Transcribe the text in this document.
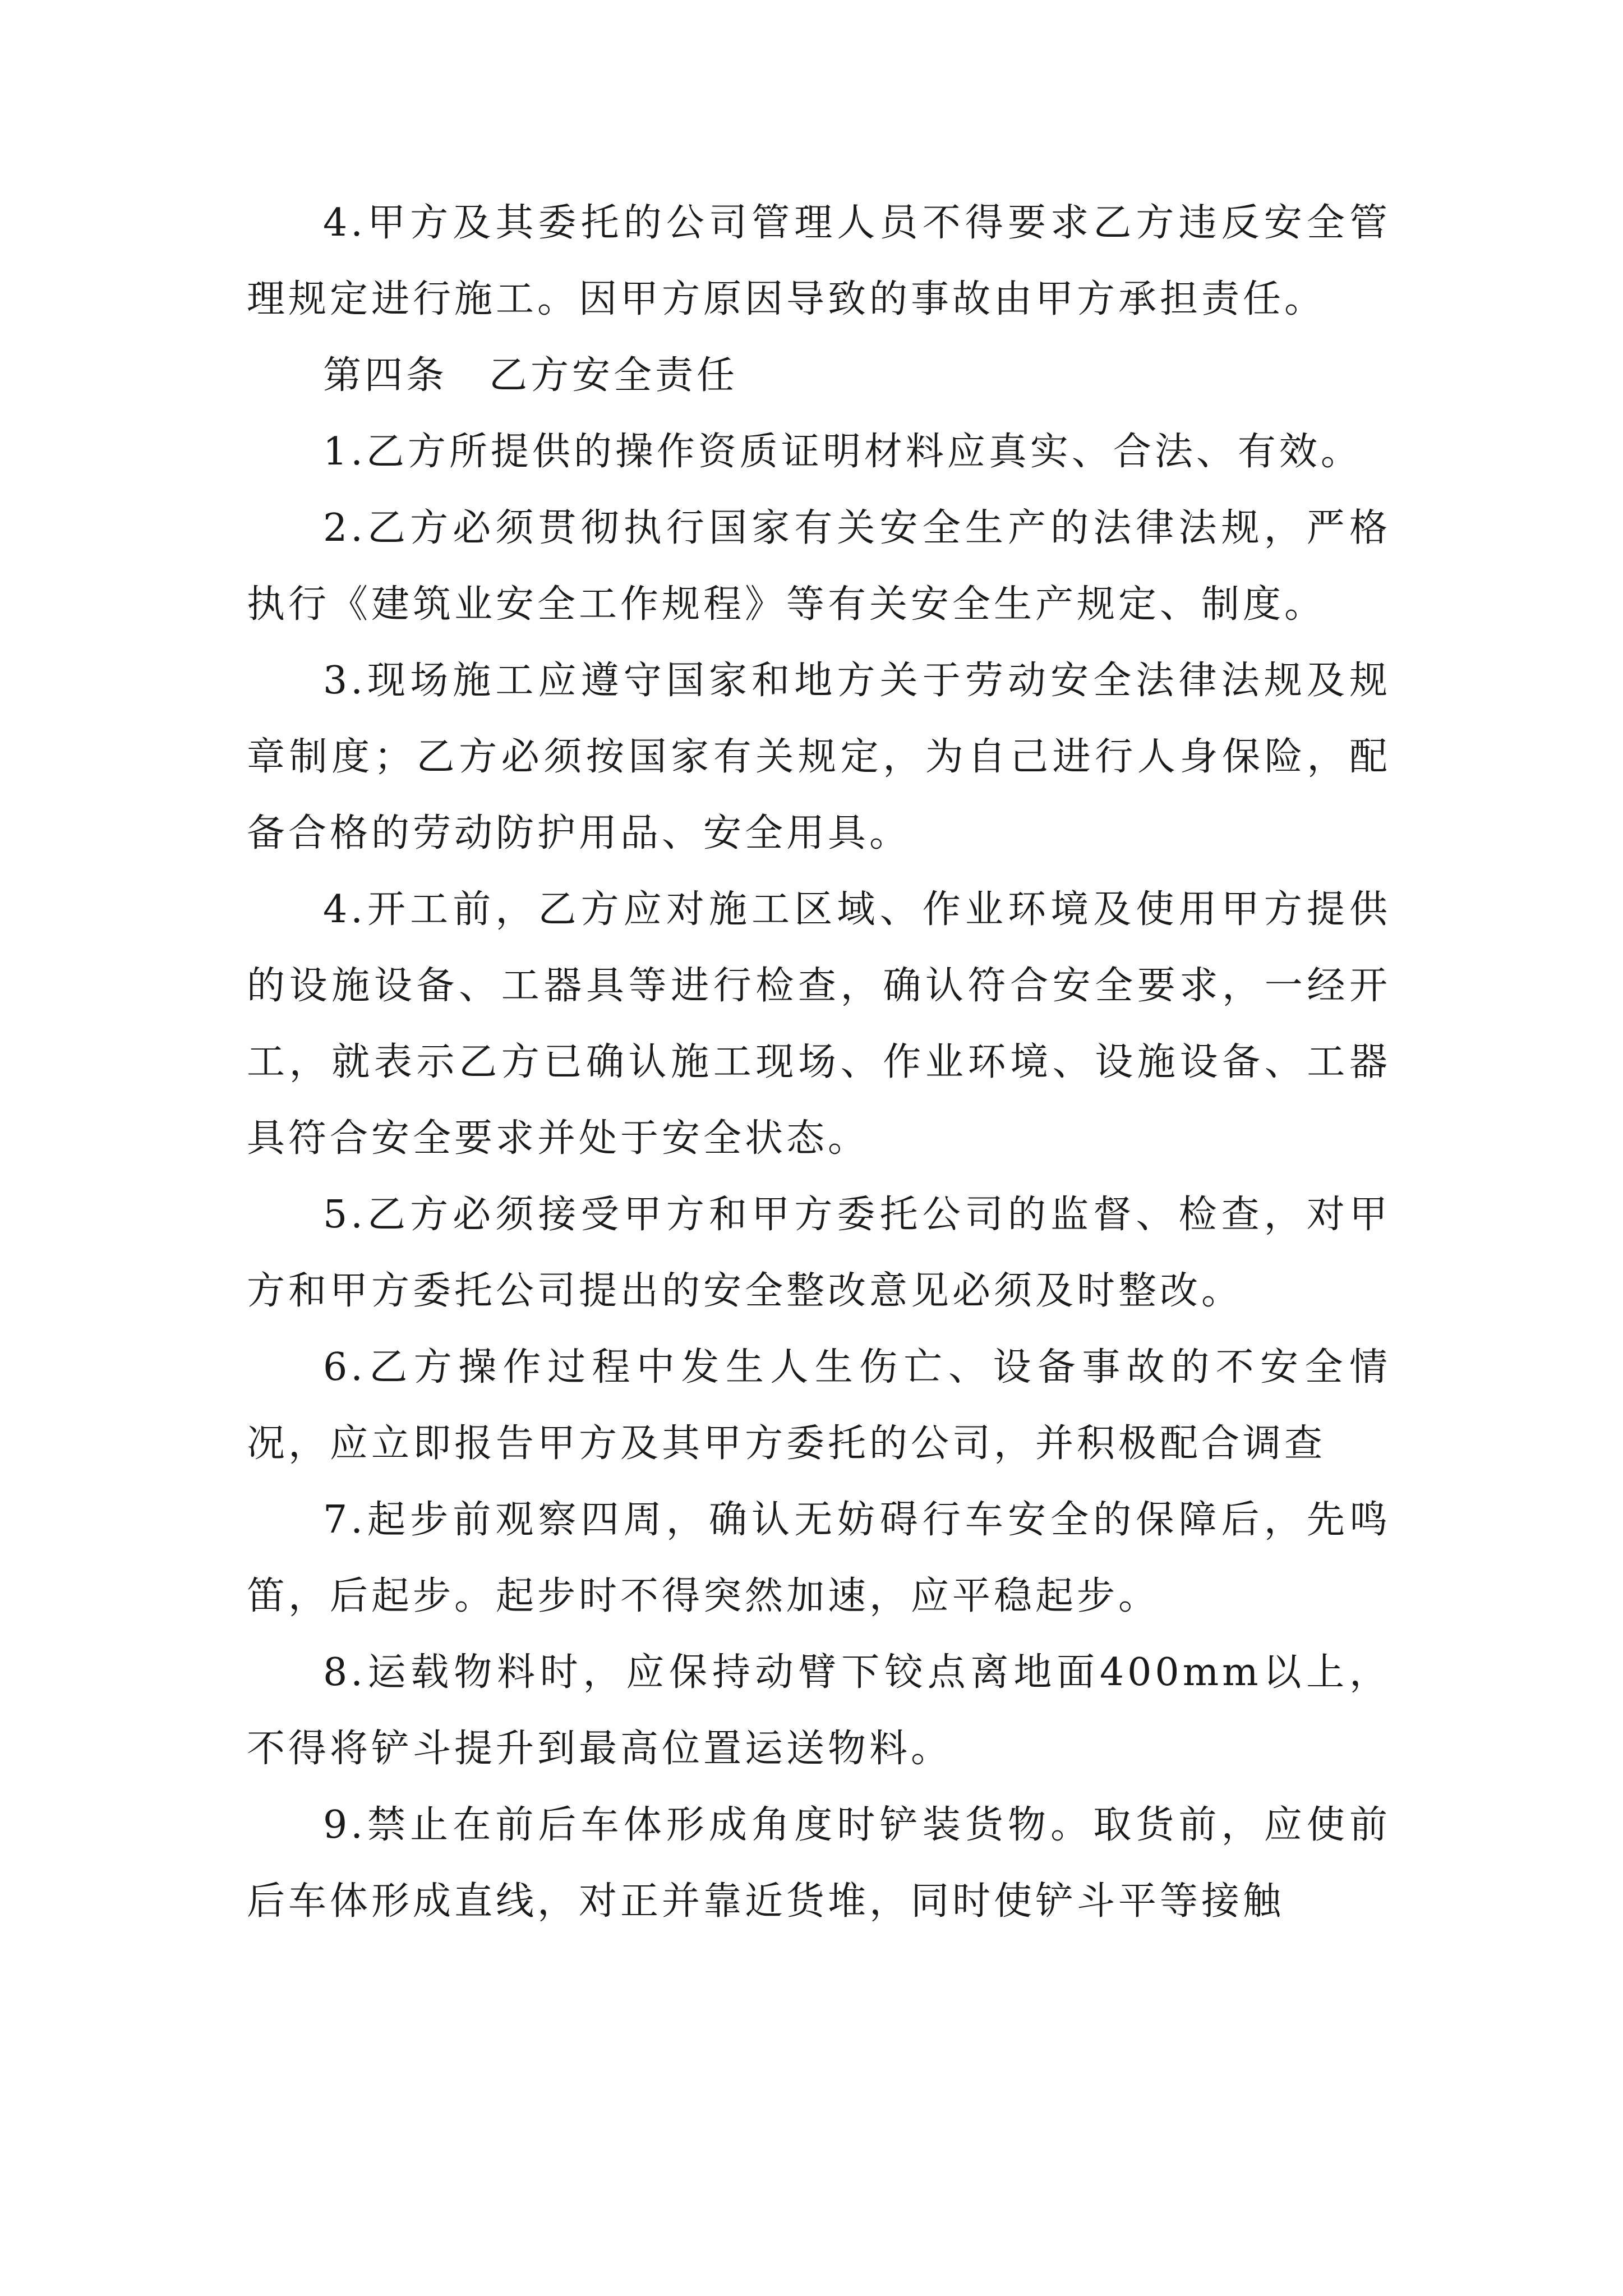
4.甲方及其委托的公司管理人员不得要求乙方违反安全管理规定进行施工。因甲方原因导致的事故由甲方承担责任。

第四条　乙方安全责任

1.乙方所提供的操作资质证明材料应真实、合法、有效。

2.乙方必须贯彻执行国家有关安全生产的法律法规，严格执行《建筑业安全工作规程》等有关安全生产规定、制度。

3.现场施工应遵守国家和地方关于劳动安全法律法规及规章制度；乙方必须按国家有关规定，为自己进行人身保险，配备合格的劳动防护用品、安全用具。

4.开工前，乙方应对施工区域、作业环境及使用甲方提供的设施设备、工器具等进行检查，确认符合安全要求，一经开工，就表示乙方已确认施工现场、作业环境、设施设备、工器具符合安全要求并处于安全状态。

5.乙方必须接受甲方和甲方委托公司的监督、检查，对甲方和甲方委托公司提出的安全整改意见必须及时整改。

6.乙方操作过程中发生人生伤亡、设备事故的不安全情况，应立即报告甲方及其甲方委托的公司，并积极配合调查

7.起步前观察四周，确认无妨碍行车安全的保障后，先鸣笛，后起步。起步时不得突然加速，应平稳起步。

8.运载物料时，应保持动臂下铰点离地面400mm以上，不得将铲斗提升到最高位置运送物料。

9.禁止在前后车体形成角度时铲装货物。取货前，应使前后车体形成直线，对正并靠近货堆，同时使铲斗平等接触
